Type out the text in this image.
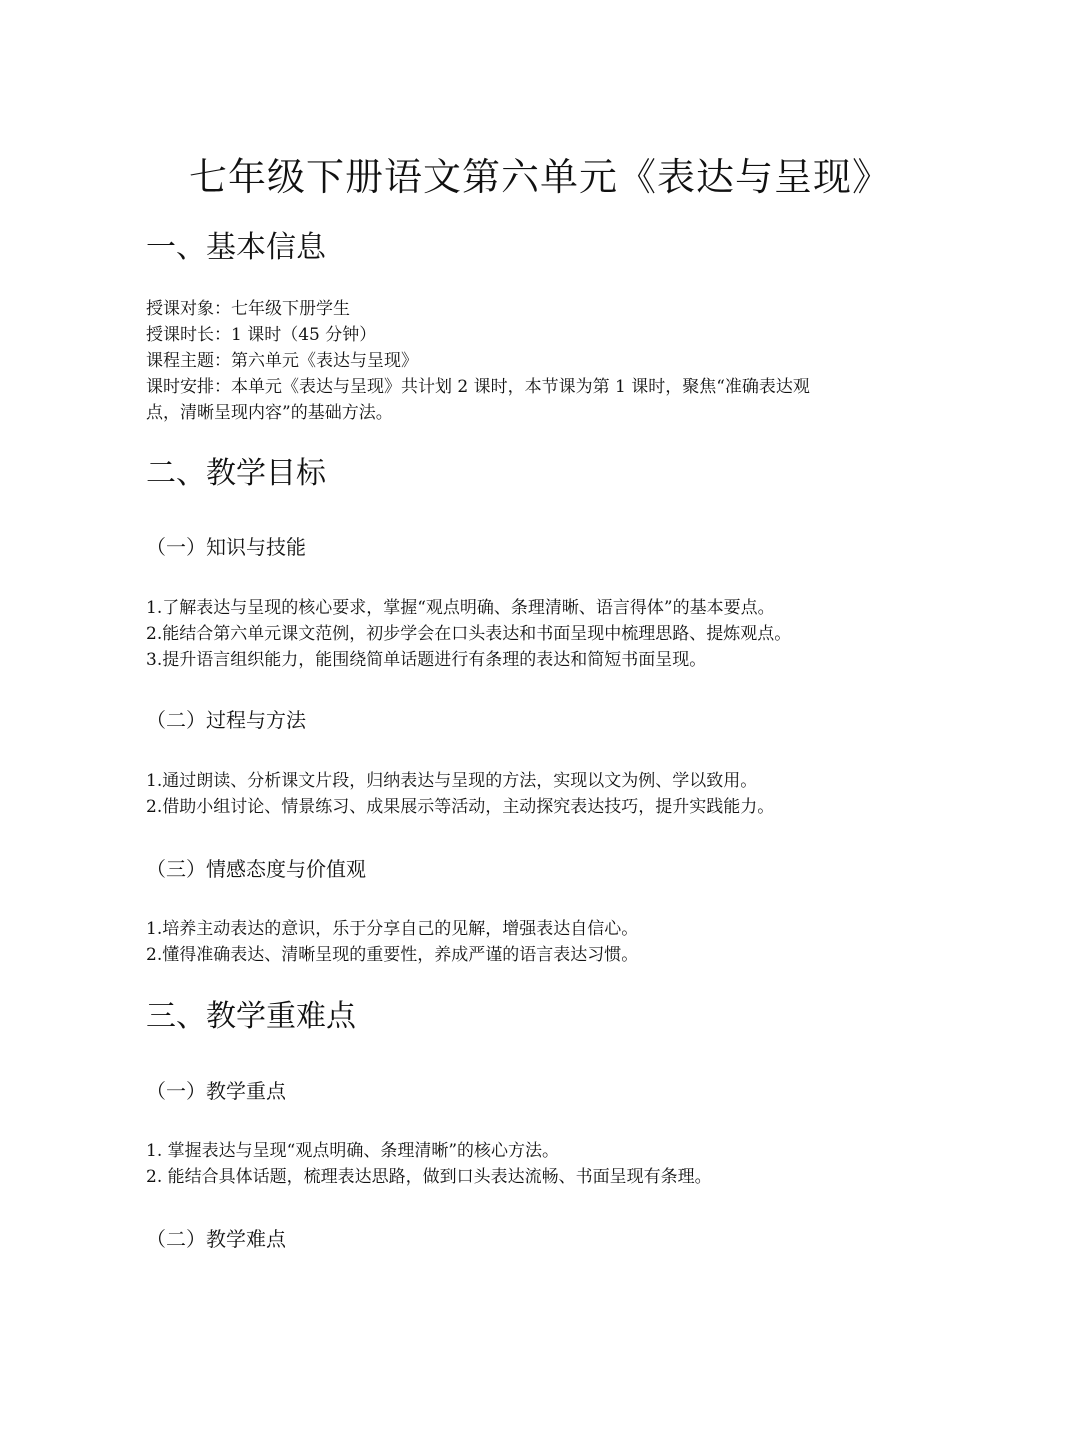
七年级下册语文第六单元《表达与呈现》
一、基本信息
授课对象：七年级下册学生
授课时长：1 课时（45 分钟）
课程主题：第六单元《表达与呈现》
课时安排：本单元《表达与呈现》共计划 2 课时，本节课为第 1 课时，聚焦“准确表达观
点，清晰呈现内容”的基础方法。
二、教学目标
（一）知识与技能
1.了解表达与呈现的核心要求，掌握“观点明确、条理清晰、语言得体”的基本要点。
2.能结合第六单元课文范例，初步学会在口头表达和书面呈现中梳理思路、提炼观点。
3.提升语言组织能力，能围绕简单话题进行有条理的表达和简短书面呈现。
（二）过程与方法
1.通过朗读、分析课文片段，归纳表达与呈现的方法，实现以文为例、学以致用。
2.借助小组讨论、情景练习、成果展示等活动，主动探究表达技巧，提升实践能力。
（三）情感态度与价值观
1.培养主动表达的意识，乐于分享自己的见解，增强表达自信心。
2.懂得准确表达、清晰呈现的重要性，养成严谨的语言表达习惯。
三、教学重难点
（一）教学重点
1. 掌握表达与呈现“观点明确、条理清晰”的核心方法。
2. 能结合具体话题，梳理表达思路，做到口头表达流畅、书面呈现有条理。
（二）教学难点
